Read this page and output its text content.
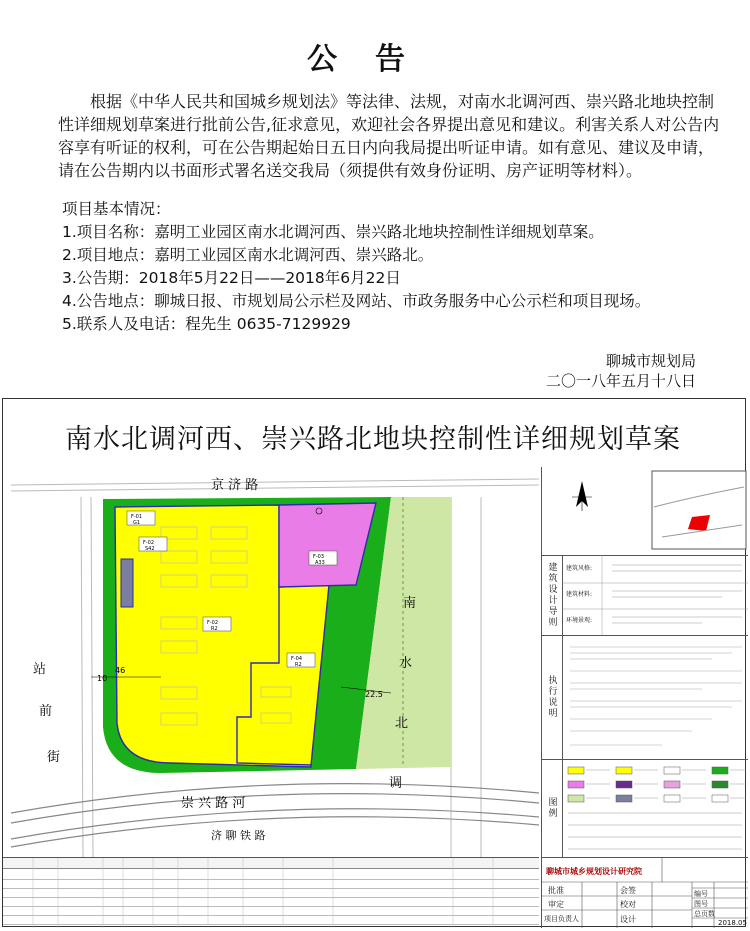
公告
根据《中华人民共和国城乡规划法》等法律、法规，对南水北调河西、崇兴路北地块控制性详细规划草案进行批前公告,征求意见，欢迎社会各界提出意见和建议。利害关系人对公告内容享有听证的权利，可在公告期起始日五日内向我局提出听证申请。如有意见、建议及申请，请在公告期内以书面形式署名送交我局（须提供有效身份证明、房产证明等材料）。
项目基本情况：
1.项目名称：嘉明工业园区南水北调河西、崇兴路北地块控制性详细规划草案。
2.项目地点：嘉明工业园区南水北调河西、崇兴路北。
3.公告期：2018年5月22日——2018年6月22日
4.公告地点：聊城日报、市规划局公示栏及网站、市政务服务中心公示栏和项目现场。
5.联系人及电话：程先生 0635-7129929
聊城市规划局
二〇一八年五月十八日
南水北调河西、崇兴路北地块控制性详细规划草案
F-01
G1
F-02
S42
F-03
A33
F-02
R2
F-04
R2
京 济 路
崇 兴 路 河
济 聊 铁 路
站
前
街
南
水
北
调
10
46
22.5
建筑设计导则	建筑风格:
建筑材料:
环境景观:
执行说明
图例
聊城市城乡规划设计研究院
批准	会签
审定	校对
项目负责人	设计
编号
图号
总页数
2018.05
